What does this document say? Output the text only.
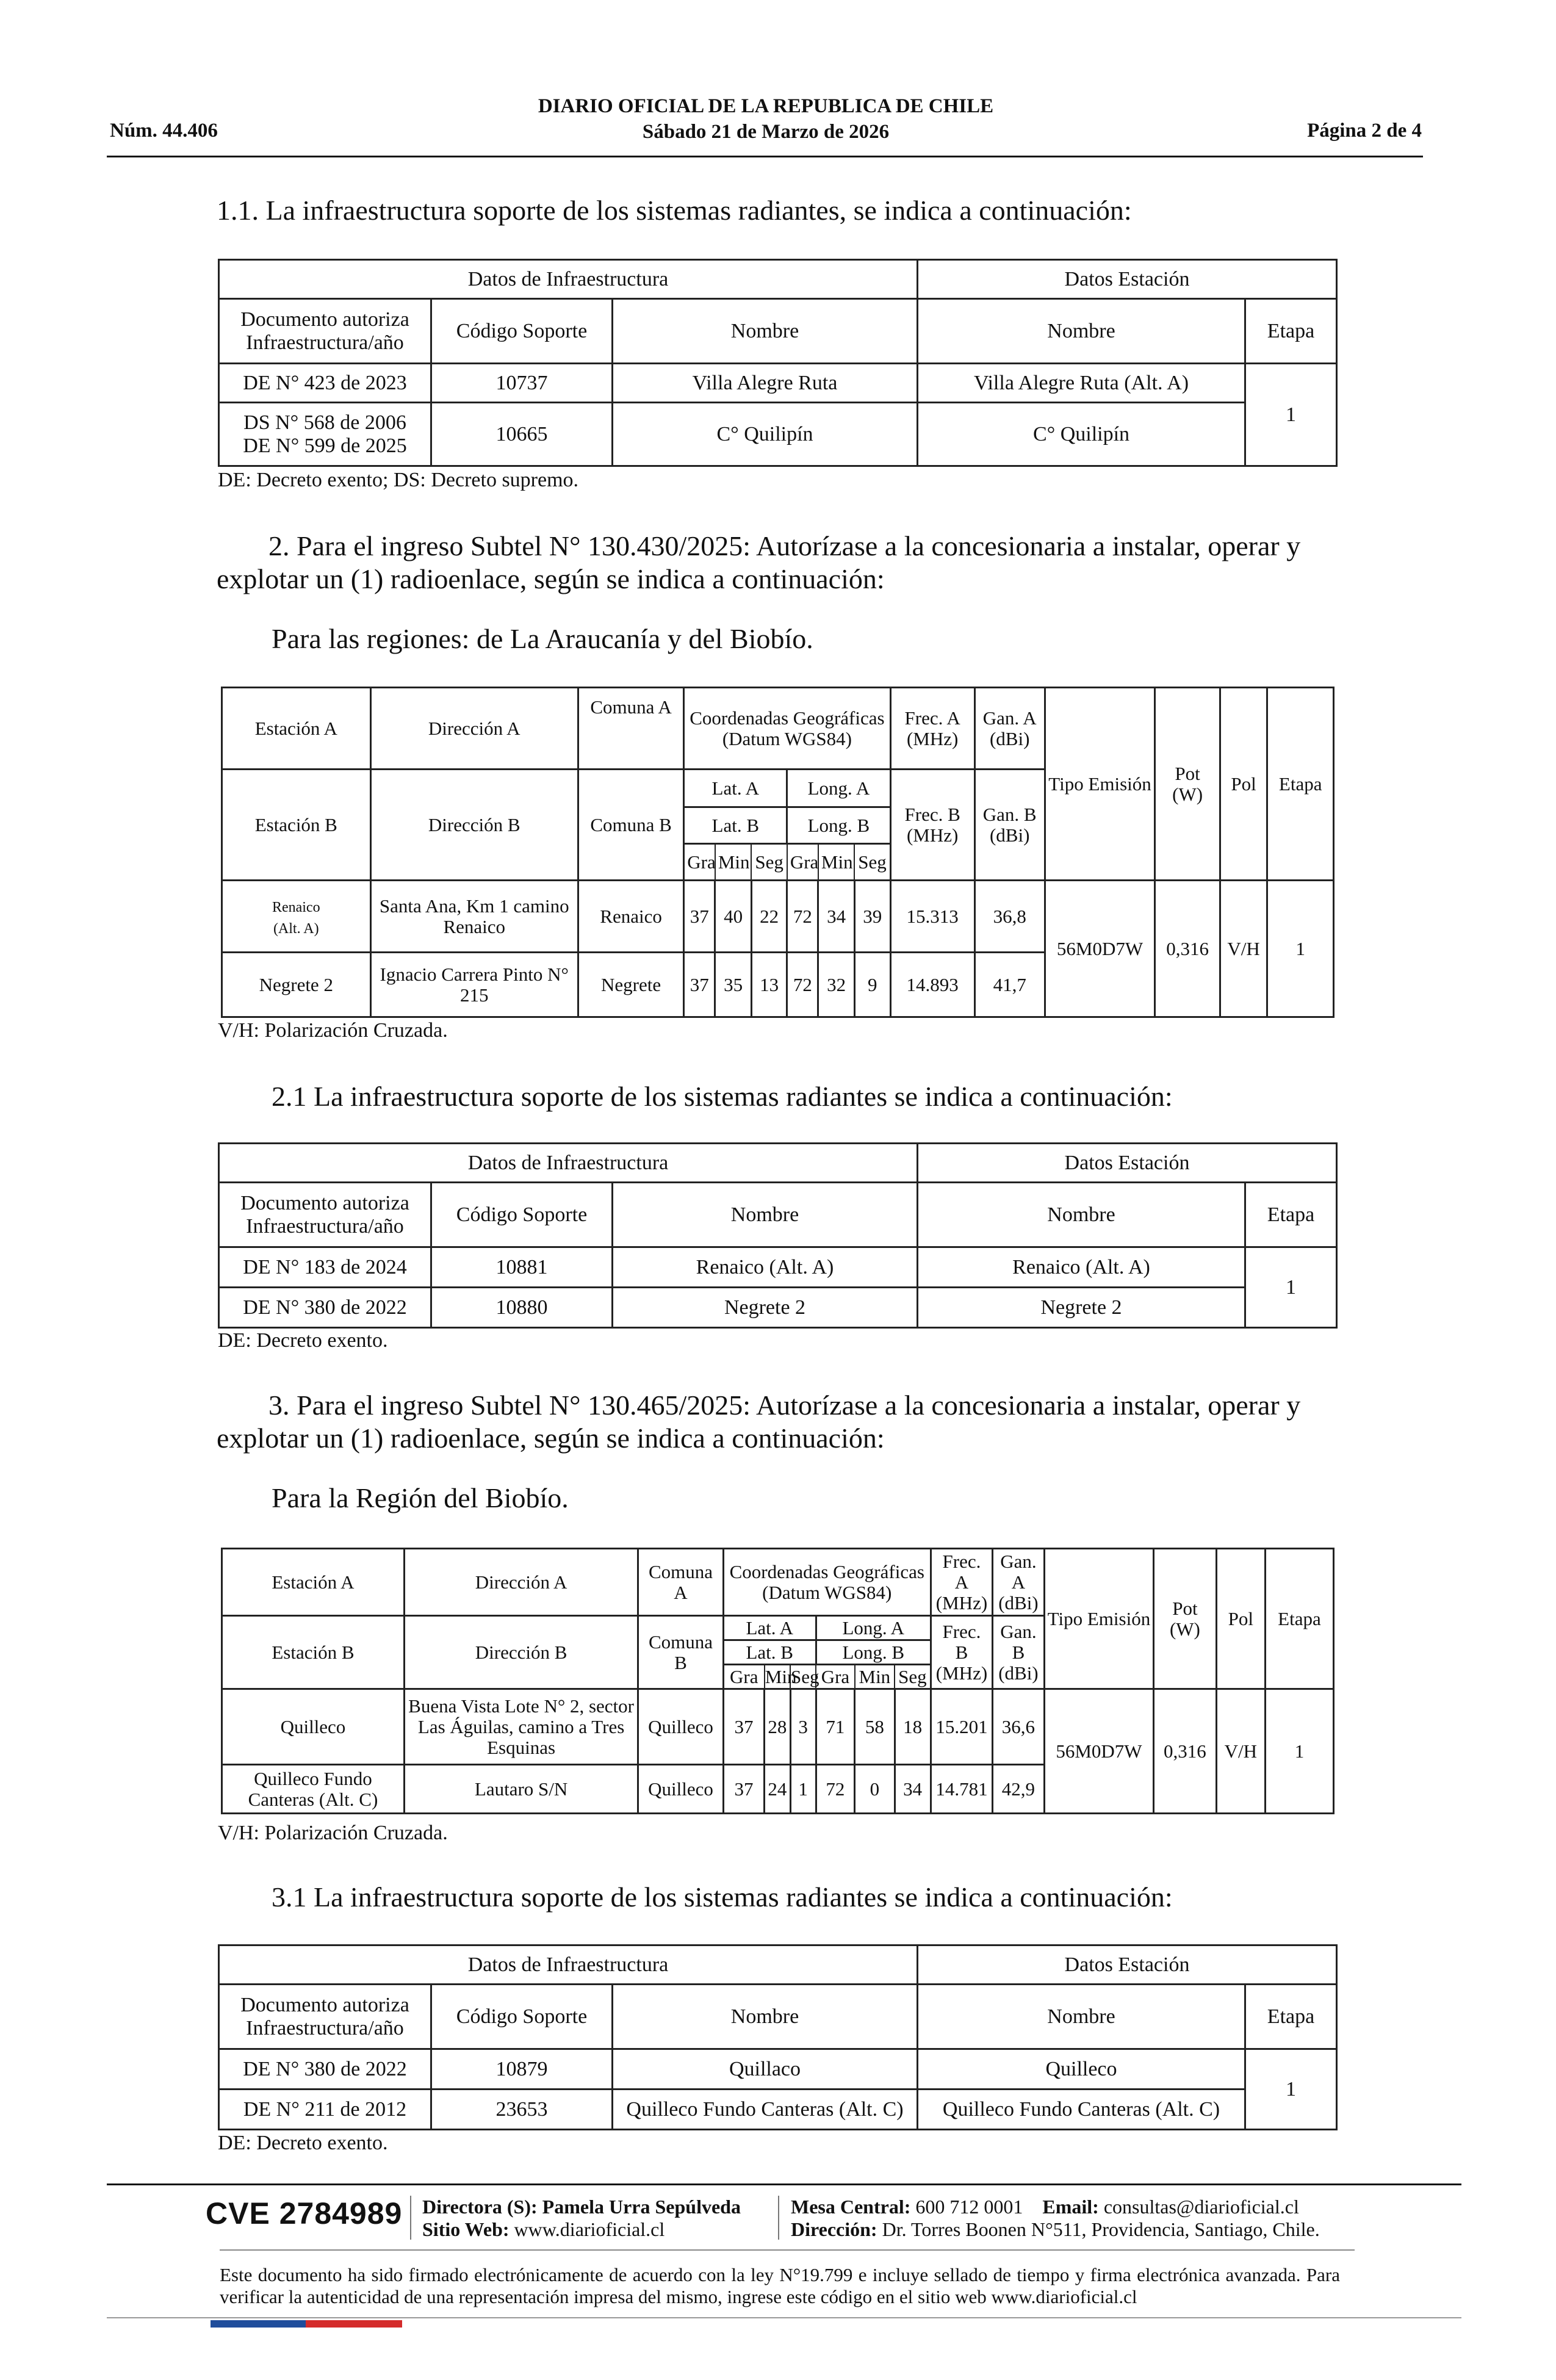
Núm. 44.406
DIARIO OFICIAL DE LA REPUBLICA DE CHILE
Sábado 21 de Marzo de 2026	Página 2 de 4
1.1. La infraestructura soporte de los sistemas radiantes, se indica a continuación:
Datos de Infraestructura			Datos Estación	
Documento autoriza Infraestructura/año	Código Soporte	Nombre	Nombre	Etapa
DE N° 423 de 2023	10737	Villa Alegre Ruta	Villa Alegre Ruta (Alt. A)	1
DS N° 568 de 2006
DE N° 599 de 2025	10665	C° Quilipín	C° Quilipín	
DE: Decreto exento; DS: Decreto supremo.
2. Para el ingreso Subtel N° 130.430/2025: Autorízase a la concesionaria a instalar, operar y
explotar un (1) radioenlace, según se indica a continuación:
Para las regiones: de La Araucanía y del Biobío.
Estación A	Dirección A	Comuna A	Coordenadas Geográficas (Datum WGS84)						Frec. A (MHz)	Gan. A (dBi)	Tipo Emisión	Pot (W)	Pol	Etapa
Estación B	Dirección B	Comuna B	Lat. A			Long. A			Frec. B (MHz)	Gan. B (dBi)				
			Lat. B			Long. B								
			Gra	Min	Seg	Gra	Min	Seg						
Renaico
(Alt. A)	Santa Ana, Km 1 camino Renaico	Renaico	37	40	22	72	34	39	15.313	36,8	56M0D7W	0,316	V/H	1
Negrete 2	Ignacio Carrera Pinto N° 215	Negrete	37	35	13	72	32	9	14.893	41,7				
V/H: Polarización Cruzada.
2.1 La infraestructura soporte de los sistemas radiantes se indica a continuación:
Datos de Infraestructura			Datos Estación	
Documento autoriza Infraestructura/año	Código Soporte	Nombre	Nombre	Etapa
DE N° 183 de 2024	10881	Renaico (Alt. A)	Renaico (Alt. A)	1
DE N° 380 de 2022	10880	Negrete 2	Negrete 2	
DE: Decreto exento.
3. Para el ingreso Subtel N° 130.465/2025: Autorízase a la concesionaria a instalar, operar y
explotar un (1) radioenlace, según se indica a continuación:
Para la Región del Biobío.
Estación A	Dirección A	Comuna A	Coordenadas Geográficas (Datum WGS84)						Frec. A (MHz)	Gan. A (dBi)	Tipo Emisión	Pot (W)	Pol	Etapa
Estación B	Dirección B	Comuna B	Lat. A			Long. A			Frec. B (MHz)	Gan. B (dBi)				
			Lat. B			Long. B								
			Gra	Min	Seg	Gra	Min	Seg						
Quilleco	Buena Vista Lote N° 2, sector Las Águilas, camino a Tres Esquinas	Quilleco	37	28	3	71	58	18	15.201	36,6	56M0D7W	0,316	V/H	1
Quilleco Fundo Canteras (Alt. C)	Lautaro S/N	Quilleco	37	24	1	72	0	34	14.781	42,9				
V/H: Polarización Cruzada.
3.1 La infraestructura soporte de los sistemas radiantes se indica a continuación:
Datos de Infraestructura			Datos Estación	
Documento autoriza Infraestructura/año	Código Soporte	Nombre	Nombre	Etapa
DE N° 380 de 2022	10879	Quillaco	Quilleco	1
DE N° 211 de 2012	23653	Quilleco Fundo Canteras (Alt. C)	Quilleco Fundo Canteras (Alt. C)	
DE: Decreto exento.
CVE 2784989 Directora (S): Pamela Urra Sepúlveda
Sitio Web: www.diarioficial.cl
Mesa Central: 600 712 0001 Email: consultas@diarioficial.cl
Dirección: Dr. Torres Boonen N°511, Providencia, Santiago, Chile.
Este documento ha sido firmado electrónicamente de acuerdo con la ley N°19.799 e incluye sellado de tiempo y firma electrónica avanzada. Para verificar la autenticidad de una representación impresa del mismo, ingrese este código en el sitio web www.diarioficial.cl
